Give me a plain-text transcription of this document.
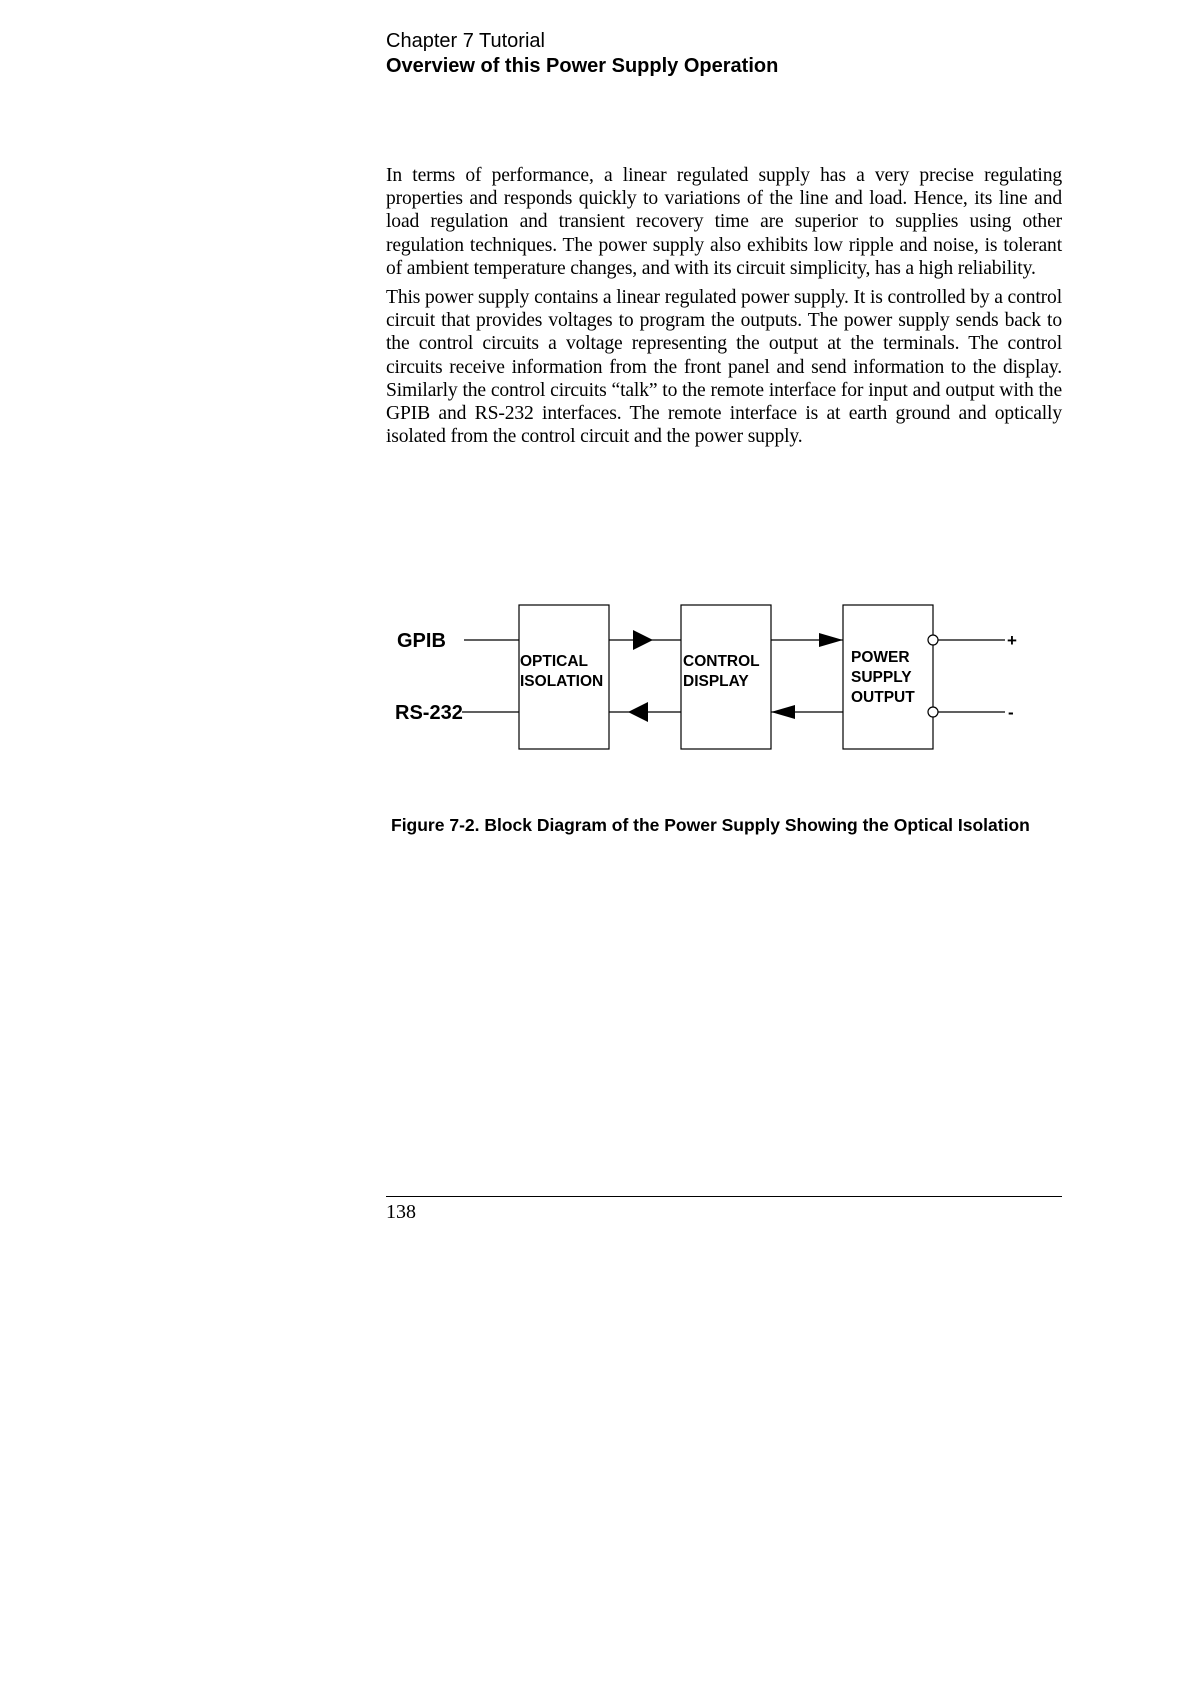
Chapter 7 Tutorial
Overview of this Power Supply Operation

In terms of performance, a linear regulated supply has a very precise regulating properties and responds quickly to variations of the line and load. Hence, its line and load regulation and transient recovery time are superior to supplies using other regulation techniques. The power supply also exhibits low ripple and noise, is tolerant of ambient temperature changes, and with its circuit simplicity, has a high reliability.

This power supply contains a linear regulated power supply. It is controlled by a control circuit that provides voltages to program the outputs. The power supply sends back to the control circuits a voltage representing the output at the terminals. The control circuits receive information from the front panel and send information to the display. Similarly the control circuits “talk” to the remote interface for input and output with the GPIB and RS-232 interfaces. The remote interface is at earth ground and optically isolated from the control circuit and the power supply.

GPIB
RS-232
OPTICAL
ISOLATION
CONTROL
DISPLAY
POWER
SUPPLY
OUTPUT
+
-
Figure 7-2. Block Diagram of the Power Supply Showing the Optical Isolation
138
